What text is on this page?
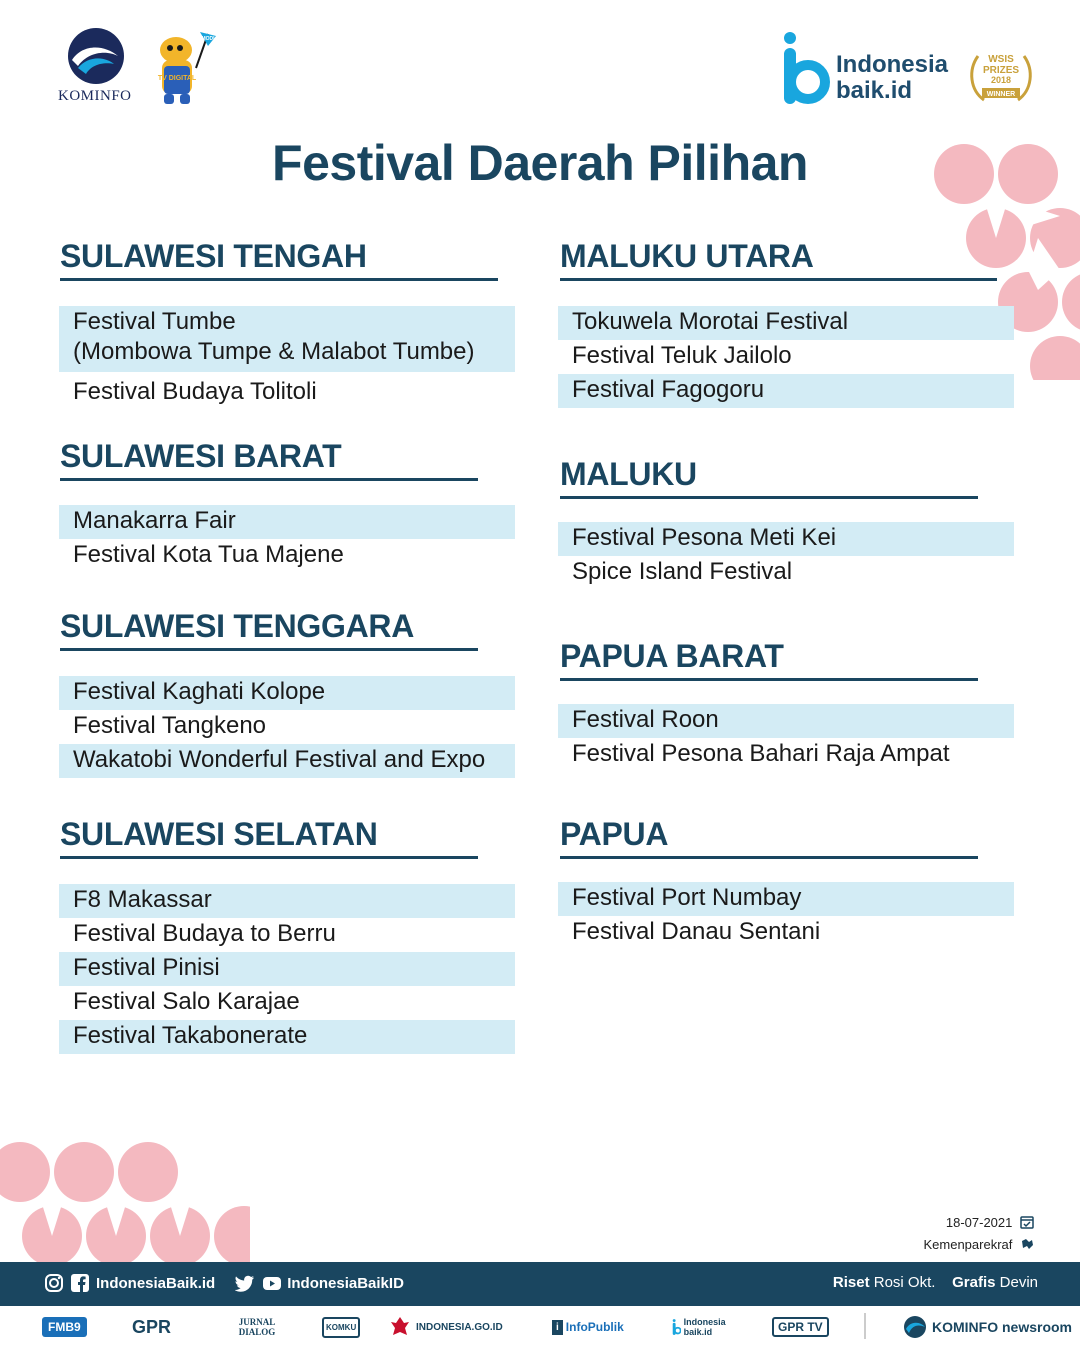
KOMINFO
TV DIGITAL
MODI
Indonesia
baik.id
WSIS
PRIZES
2018
WINNER
Festival Daerah Pilihan
SULAWESI TENGAH
Festival Tumbe
(Mombowa Tumpe & Malabot Tumbe)
Festival Budaya Tolitoli
SULAWESI BARAT
Manakarra Fair
Festival Kota Tua Majene
SULAWESI TENGGARA
Festival Kaghati Kolope
Festival Tangkeno
Wakatobi Wonderful Festival and Expo
SULAWESI SELATAN
F8 Makassar
Festival Budaya to Berru
Festival Pinisi
Festival Salo Karajae
Festival Takabonerate
MALUKU UTARA
Tokuwela Morotai Festival
Festival Teluk Jailolo
Festival Fagogoru
MALUKU
Festival Pesona Meti Kei
Spice Island Festival
PAPUA BARAT
Festival Roon
Festival Pesona Bahari Raja Ampat
PAPUA
Festival Port Numbay
Festival Danau Sentani
18-07-2021
Kemenparekraf
IndonesiaBaik.id	IndonesiaBaikID	Riset Rosi Okt. Grafis Devin
FMB9	GPR	JURNAL DIALOG	KOMKU	INDONESIA.GO.ID	i InfoPublik	Indonesia baik.id	GPR TV	KOMINFO newsroom
